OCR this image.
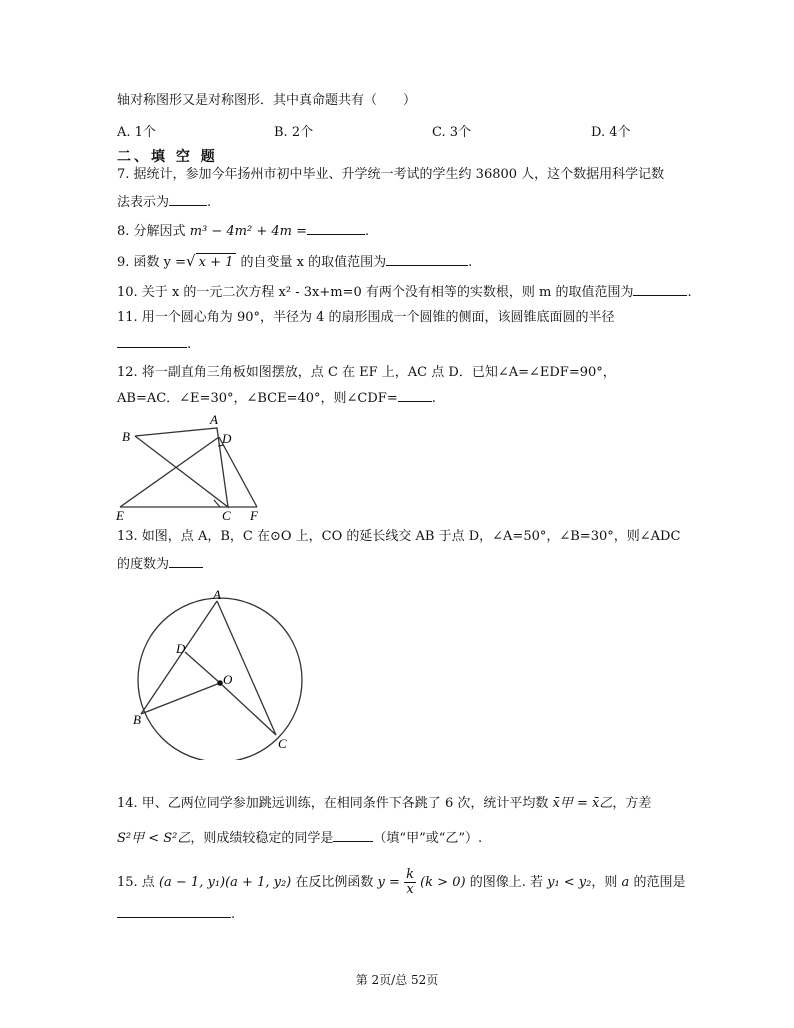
轴对称图形又是对称图形．其中真命题共有（　　）
A. 1个	B. 2个	C. 3个	D. 4个
二、填 空 题
7. 据统计，参加今年扬州市初中毕业、升学统一考试的学生约 36800 人，这个数据用科学记数
法表示为	.
8. 分解因式 m³ − 4m² + 4m =	.
9. 函数 y =√ x + 1 的自变量 x 的取值范围为	.
10. 关于 x 的一元二次方程 x² - 3x+m=0 有两个没有相等的实数根，则 m 的取值范围为	.
11. 用一个圆心角为 90°，半径为 4 的扇形围成一个圆锥的侧面，该圆锥底面圆的半径
.
12. 将一副直角三角板如图摆放，点 C 在 EF 上，AC 点 D．已知∠A=∠EDF=90°，
AB=AC．∠E=30°，∠BCE=40°，则∠CDF=	.
B
A
D
E	C F
13. 如图，点 A，B，C 在⊙O 上，CO 的延长线交 AB 于点 D，∠A=50°，∠B=30°，则∠ADC
的度数为
A
D
O
B
C
14. 甲、乙两位同学参加跳远训练，在相同条件下各跳了 6 次，统计平均数 x̄甲 = x̄乙，方差
S²甲 < S²乙，则成绩较稳定的同学是	（填“甲”或“乙”）.
15. 点 (a − 1, y₁)(a + 1, y₂) 在反比例函数 $y = \frac{k}{x} (k > 0)$ 的图像上. 若 y₁ < y₂，则 a 的范围是
.
第 2页/总 52页
